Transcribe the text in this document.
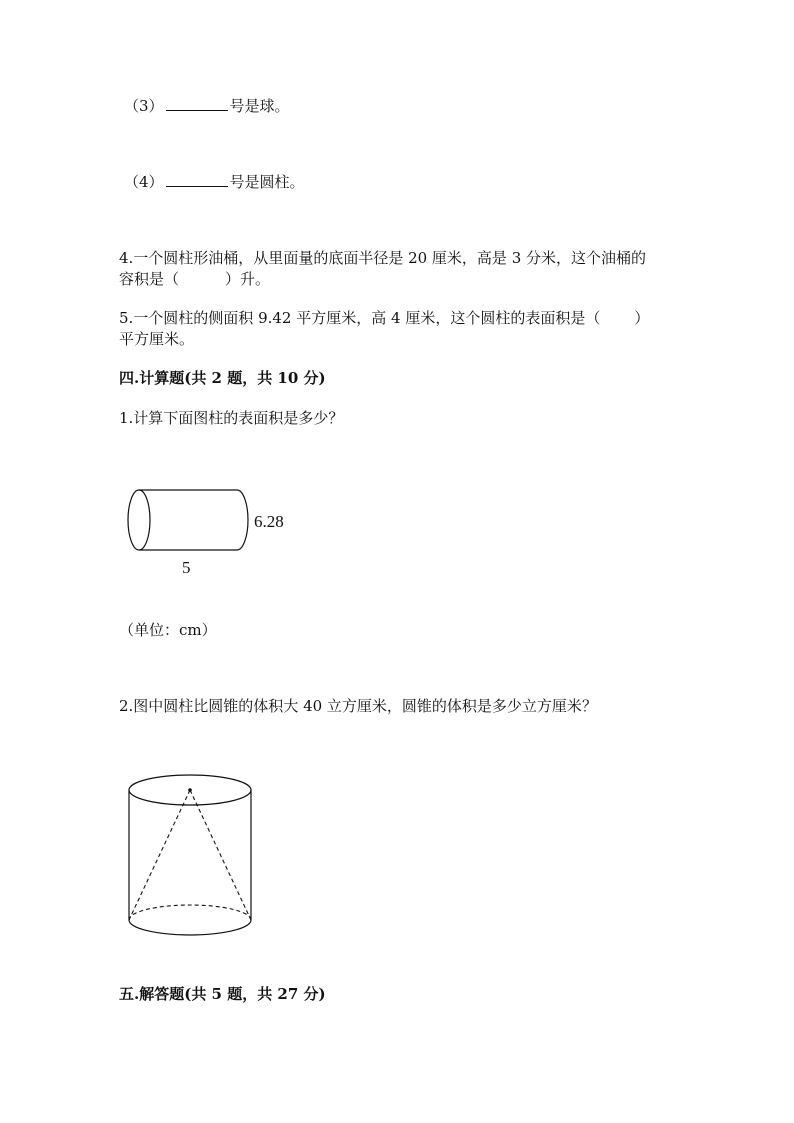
（3）	号是球。
（4）	号是圆柱。
4.一个圆柱形油桶，从里面量的底面半径是 20 厘米，高是 3 分米，这个油桶的
容积是（	）升。
5.一个圆柱的侧面积 9.42 平方厘米，高 4 厘米，这个圆柱的表面积是（ ）
平方厘米。
四.计算题(共 2 题，共 10 分)
1.计算下面图柱的表面积是多少？
6.28
5
（单位：cm）
2.图中圆柱比圆锥的体积大 40 立方厘米，圆锥的体积是多少立方厘米？
五.解答题(共 5 题，共 27 分)
